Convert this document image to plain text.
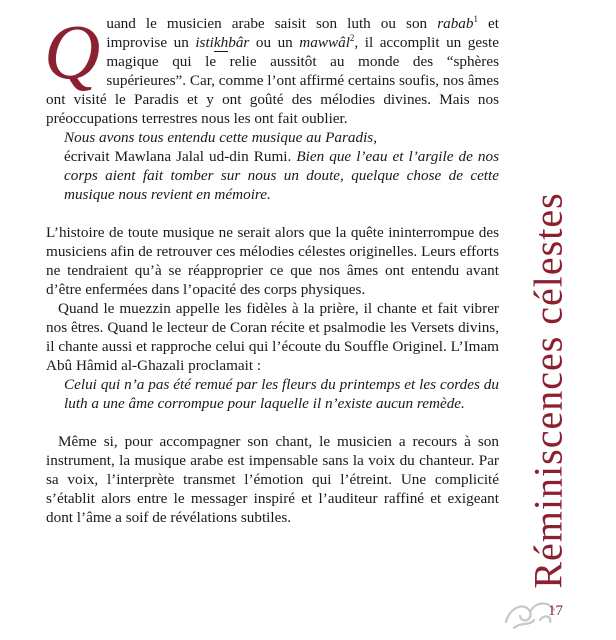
Quand le musicien arabe saisit son luth ou son rabab$^1$ et improvise un istikhbâr ou un mawwâl$^2$, il accomplit un geste magique qui le relie aussitôt au monde des “sphères supérieures”. Car, comme l’ont affirmé certains soufis, nos âmes ont visité le Paradis et y ont goûté des mélodies divines. Mais nos préoccupations terrestres nous les ont fait oublier.

Nous avons tous entendu cette musique au Paradis,
écrivait Mawlana Jalal ud-din Rumi. Bien que l’eau et l’argile de nos corps aient fait tomber sur nous un doute, quelque chose de cette musique nous revient en mémoire.

L’histoire de toute musique ne serait alors que la quête ininterrompue des musiciens afin de retrouver ces mélodies célestes originelles. Leurs efforts ne tendraient qu’à se réapproprier ce que nos âmes ont entendu avant d’être enfermées dans l’opacité des corps physiques.

Quand le muezzin appelle les fidèles à la prière, il chante et fait vibrer nos êtres. Quand le lecteur de Coran récite et psalmodie les Versets divins, il chante aussi et rapproche celui qui l’écoute du Souffle Originel. L’Imam Abû Hâmid al-Ghazali proclamait :

Celui qui n’a pas été remué par les fleurs du printemps et les cordes du luth a une âme corrompue pour laquelle il n’existe aucun remède.

Même si, pour accompagner son chant, le musicien a recours à son instrument, la musique arabe est impensable sans la voix du chanteur. Par sa voix, l’interprète transmet l’émotion qui l’étreint. Une complicité s’établit alors entre le messager inspiré et l’auditeur raffiné et exigeant dont l’âme a soif de révélations subtiles.	Réminiscences célestes
17
